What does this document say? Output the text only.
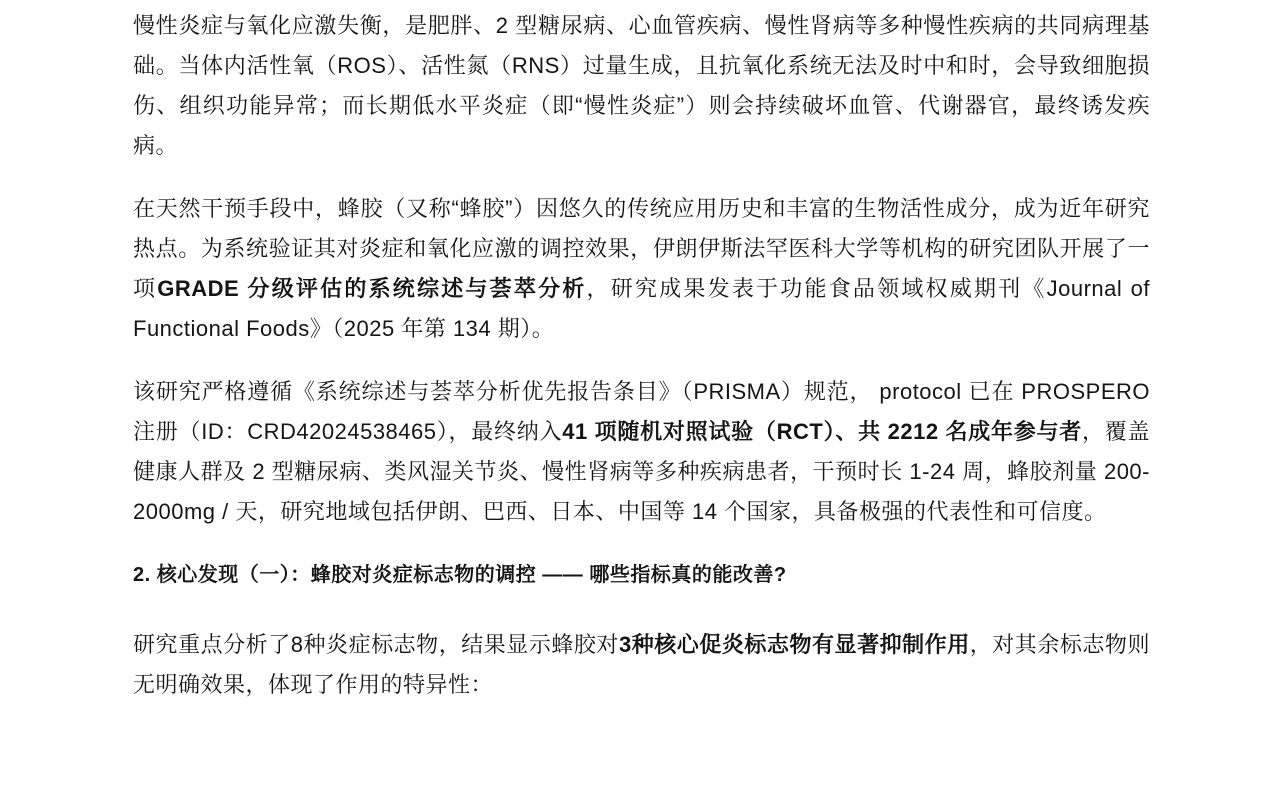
慢性炎症与氧化应激失衡，是肥胖、2 型糖尿病、心血管疾病、慢性肾病等多种慢性疾病的共同病理基础。当体内活性氧（ROS）、活性氮（RNS）过量生成，且抗氧化系统无法及时中和时，会导致细胞损伤、组织功能异常；而长期低水平炎症（即“慢性炎症”）则会持续破坏血管、代谢器官，最终诱发疾病。

在天然干预手段中，蜂胶（又称“蜂胶”）因悠久的传统应用历史和丰富的生物活性成分，成为近年研究热点。为系统验证其对炎症和氧化应激的调控效果，伊朗伊斯法罕医科大学等机构的研究团队开展了一项GRADE 分级评估的系统综述与荟萃分析，研究成果发表于功能食品领域权威期刊《Journal of Functional Foods》（2025 年第 134 期）。

该研究严格遵循《系统综述与荟萃分析优先报告条目》（PRISMA）规范， protocol 已在 PROSPERO 注册（ID：CRD42024538465），最终纳入41 项随机对照试验（RCT）、共 2212 名成年参与者，覆盖健康人群及 2 型糖尿病、类风湿关节炎、慢性肾病等多种疾病患者，干预时长 1-24 周，蜂胶剂量 200-2000mg / 天，研究地域包括伊朗、巴西、日本、中国等 14 个国家，具备极强的代表性和可信度。

2. 核心发现（一）：蜂胶对炎症标志物的调控 —— 哪些指标真的能改善?

研究重点分析了8种炎症标志物，结果显示蜂胶对3种核心促炎标志物有显著抑制作用，对其余标志物则无明确效果，体现了作用的特异性：
